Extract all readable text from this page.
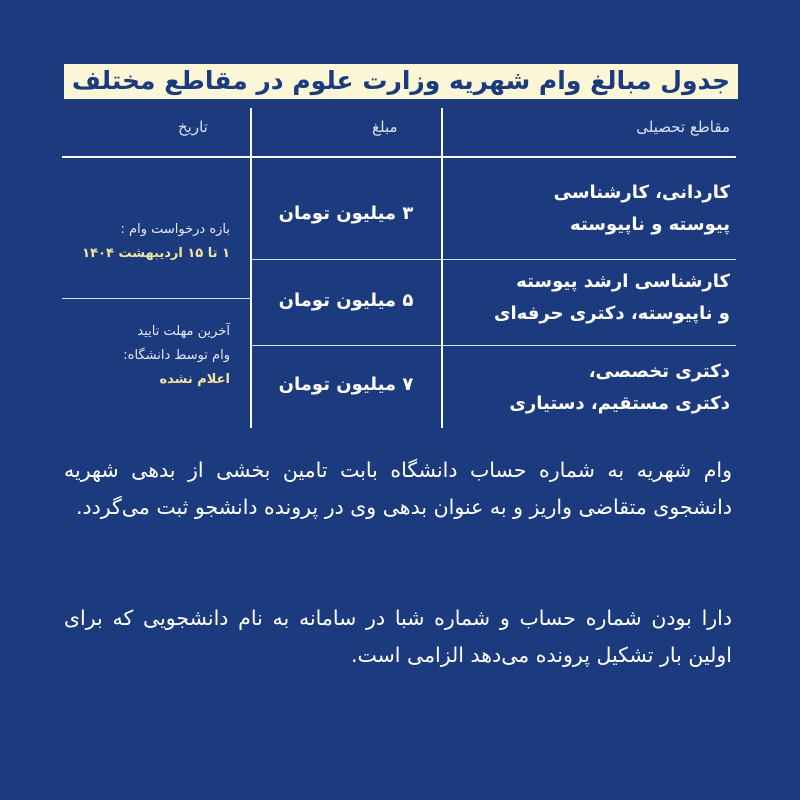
جدول مبالغ وام شهریه وزارت علوم در مقاطع مختلف
مقاطع تحصیلی
مبلغ
تاریخ
کاردانی، کارشناسی
پیوسته و ناپیوسته
۳ میلیون تومان
کارشناسی ارشد پیوسته
و ناپیوسته، دکتری حرفه‌ای
۵ میلیون تومان
دکتری تخصصی،
دکتری مستقیم، دستیاری
۷ میلیون تومان
بازه درخواست وام :
۱ تا ۱۵ اردیبهشت ۱۴۰۴
آخرین مهلت تایید
وام توسط دانشگاه:
اعلام نشده
وام شهریه به شماره حساب دانشگاه بابت تامین بخشی از بدهی شهریه دانشجوی متقاضی واریز و به عنوان بدهی وی در پرونده دانشجو ثبت می‌گردد.
دارا بودن شماره حساب و شماره شبا در سامانه به نام دانشجویی که برای اولین بار تشکیل پرونده می‌دهد الزامی است.
